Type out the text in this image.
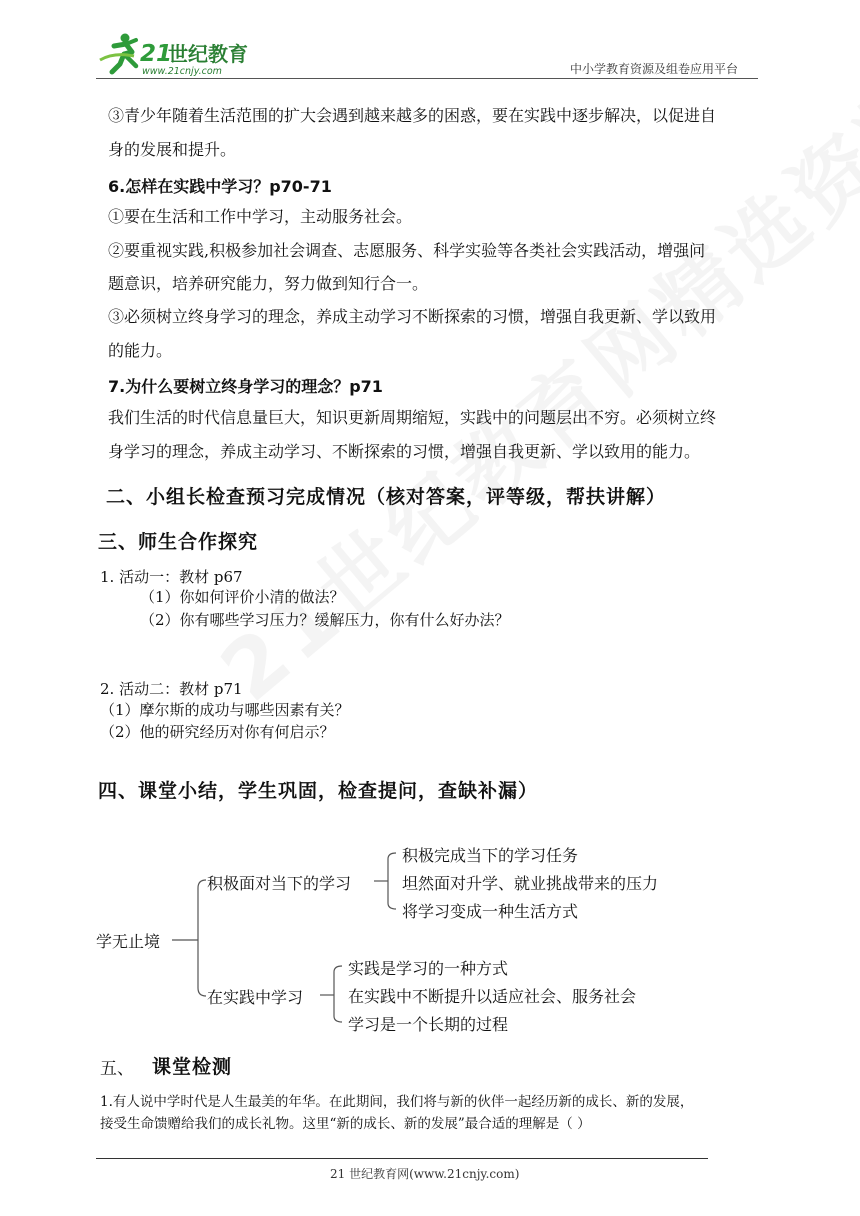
21
世纪教育
www.21cnjy.com	中小学教育资源及组卷应用平台
③青少年随着生活范围的扩大会遇到越来越多的困惑，要在实践中逐步解决，以促进自
身的发展和提升。
6.怎样在实践中学习？p70-71
①要在生活和工作中学习，主动服务社会。
②要重视实践,积极参加社会调查、志愿服务、科学实验等各类社会实践活动，增强问
题意识，培养研究能力，努力做到知行合一。
③必须树立终身学习的理念，养成主动学习不断探索的习惯，增强自我更新、学以致用
的能力。
7.为什么要树立终身学习的理念？p71
我们生活的时代信息量巨大，知识更新周期缩短，实践中的问题层出不穷。必须树立终
身学习的理念，养成主动学习、不断探索的习惯，增强自我更新、学以致用的能力。
二、小组长检查预习完成情况（核对答案，评等级，帮扶讲解）
三、师生合作探究
1. 活动一：教材 p67
（1）你如何评价小清的做法？
（2）你有哪些学习压力？缓解压力，你有什么好办法？
2. 活动二：教材 p71
（1）摩尔斯的成功与哪些因素有关？
（2）他的研究经历对你有何启示？
四、课堂小结，学生巩固，检查提问，查缺补漏）
学无止境
积极面对当下的学习
积极完成当下的学习任务
坦然面对升学、就业挑战带来的压力
将学习变成一种生活方式
在实践中学习
实践是学习的一种方式
在实践中不断提升以适应社会、服务社会
学习是一个长期的过程
五、 课堂检测
1.有人说中学时代是人生最美的年华。在此期间，我们将与新的伙伴一起经历新的成长、新的发展，
接受生命馈赠给我们的成长礼物。这里“新的成长、新的发展”最合适的理解是（ ）
21 世纪教育网(www.21cnjy.com)
